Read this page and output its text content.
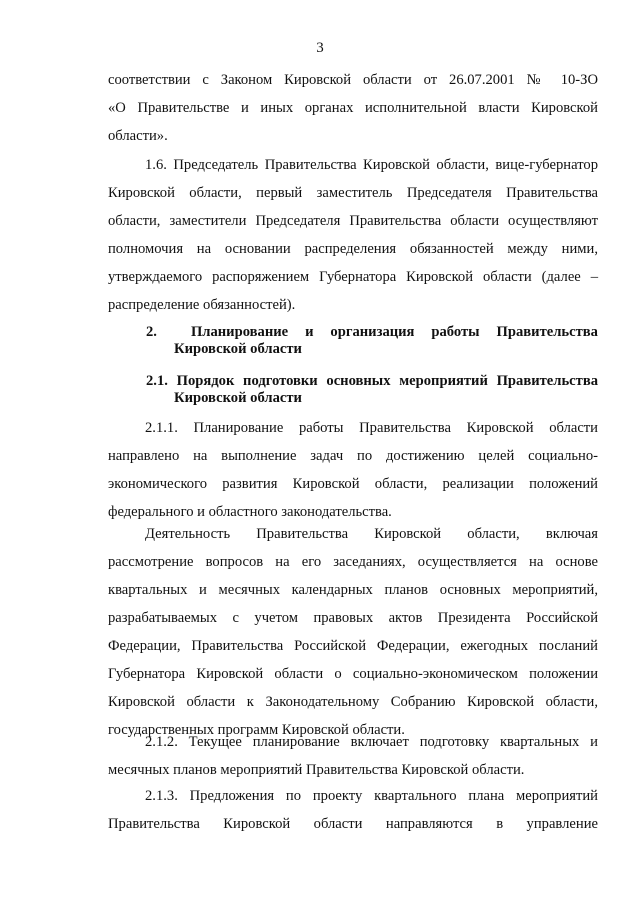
3
соответствии с Законом Кировской области от 26.07.2001 № 10-ЗО
«О Правительстве и иных органах исполнительной власти Кировской
области».
1.6. Председатель Правительства Кировской области, вице-губернатор
Кировской области, первый заместитель Председателя Правительства
области, заместители Председателя Правительства области осуществляют
полномочия на основании распределения обязанностей между ними,
утверждаемого распоряжением Губернатора Кировской области (далее –
распределение обязанностей).
2.	Планирование и организация работы Правительства
Кировской области
2.1. Порядок подготовки основных мероприятий Правительства
Кировской области
2.1.1. Планирование работы Правительства Кировской области
направлено на выполнение задач по достижению целей социально-
экономического развития Кировской области, реализации положений
федерального и областного законодательства.
Деятельность Правительства Кировской области, включая
рассмотрение вопросов на его заседаниях, осуществляется на основе
квартальных и месячных календарных планов основных мероприятий,
разрабатываемых с учетом правовых актов Президента Российской
Федерации, Правительства Российской Федерации, ежегодных посланий
Губернатора Кировской области о социально-экономическом положении
Кировской области к Законодательному Собранию Кировской области,
государственных программ Кировской области.
2.1.2. Текущее планирование включает подготовку квартальных и
месячных планов мероприятий Правительства Кировской области.
2.1.3. Предложения по проекту квартального плана мероприятий
Правительства Кировской области направляются в управление
